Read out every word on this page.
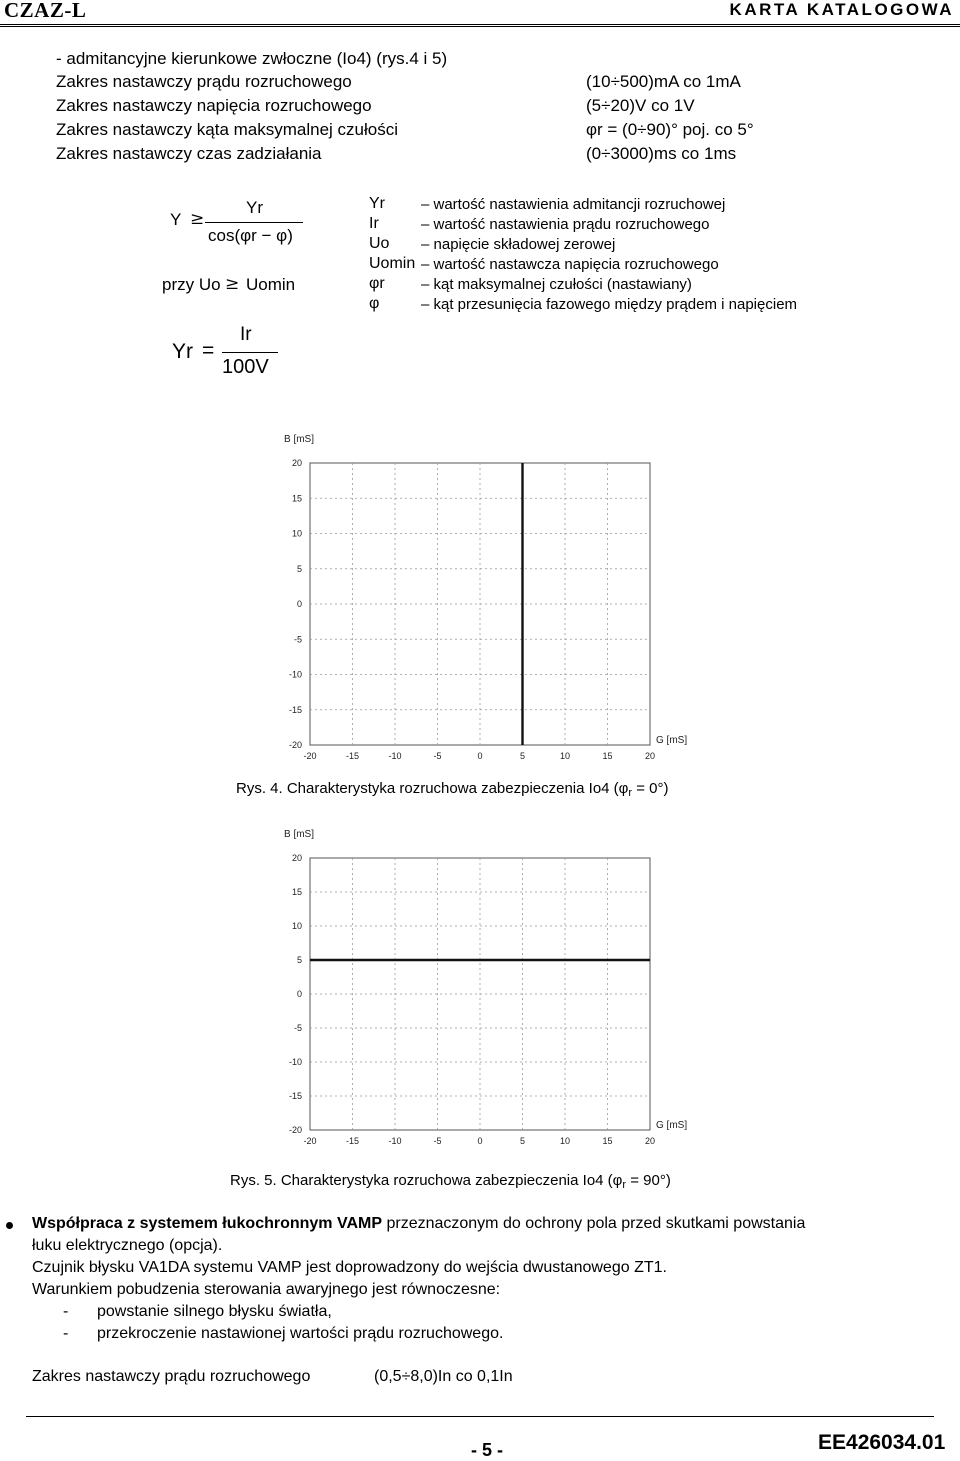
CZAZ-L	KARTA KATALOGOWA
- admitancyjne kierunkowe zwłoczne (Io4) (rys.4 i 5)
Zakres nastawczy prądu rozruchowego	(10÷500)mA co 1mA
Zakres nastawczy napięcia rozruchowego	(5÷20)V co 1V
Zakres nastawczy kąta maksymalnej czułości	φr = (0÷90)° poj. co 5°
Zakres nastawczy czas zadziałania	(0÷3000)ms co 1ms
Y ≥
Yr
cos(φr − φ)
przy Uo ≥ Uomin
Yr =
Ir
100V
Yr – wartość nastawienia admitancji rozruchowej
Ir	– wartość nastawienia prądu rozruchowego
Uo – napięcie składowej zerowej
Uomin – wartość nastawcza napięcia rozruchowego
φr – kąt maksymalnej czułości (nastawiany)
φ	– kąt przesunięcia fazowego między prądem i napięciem
20
15
10
5
0
-5
-10
-15
-20
-20	-15	-10	-5	0	5	10	15	20
B [mS]
G [mS]
Rys. 4. Charakterystyka rozruchowa zabezpieczenia Io4 $(\varphi_r = 0^\circ)$
20
15
10
5
0
-5
-10
-15
-20
-20	-15	-10	-5	0	5	10	15	20
B [mS]
G [mS]
Rys. 5. Charakterystyka rozruchowa zabezpieczenia Io4 $(\varphi_r = 90^\circ)$
Współpraca z systemem łukochronnym VAMP przeznaczonym do ochrony pola przed skutkami powstania
łuku elektrycznego (opcja).
Czujnik błysku VA1DA systemu VAMP jest doprowadzony do wejścia dwustanowego ZT1.
Warunkiem pobudzenia sterowania awaryjnego jest równoczesne:
- powstanie silnego błysku światła,
- przekroczenie nastawionej wartości prądu rozruchowego.
Zakres nastawczy prądu rozruchowego	(0,5÷8,0)In co 0,1In
- 5 -	EE426034.01
